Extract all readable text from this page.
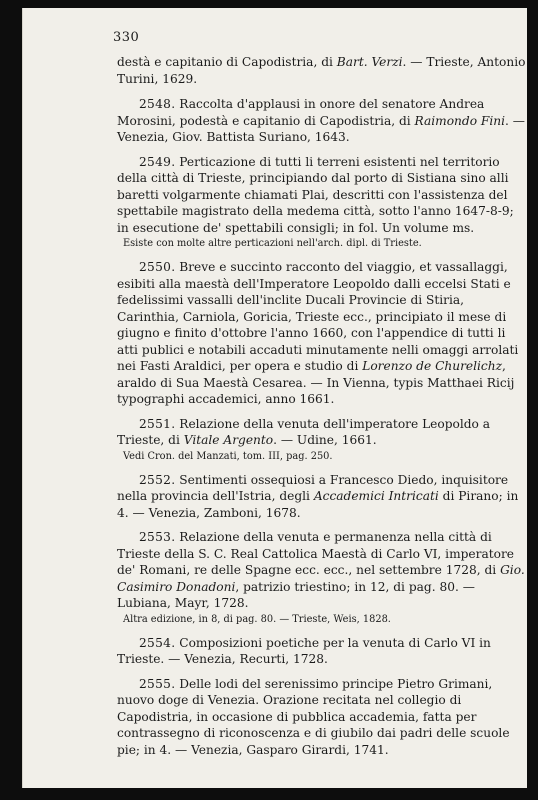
330

destà e capitanio di Capodistria, di Bart. Verzi. — Trieste, Antonio Turini, 1629.

2548. Raccolta d'applausi in onore del senatore Andrea Morosini, podestà e capitanio di Capodistria, di Raimondo Fini. — Venezia, Giov. Battista Suriano, 1643.

2549. Perticazione di tutti li terreni esistenti nel territorio della città di Trieste, principiando dal porto di Sistiana sino alli baretti volgarmente chiamati Plai, descritti con l'assistenza del spettabile magistrato della medema città, sotto l'anno 1647-8-9; in esecutione de' spettabili consigli; in fol. Un volume ms.

Esiste con molte altre perticazioni nell'arch. dipl. di Trieste.

2550. Breve e succinto racconto del viaggio, et vassallaggi, esibiti alla maestà dell'Imperatore Leopoldo dalli eccelsi Stati e fedelissimi vassalli dell'inclite Ducali Provincie di Stiria, Carinthia, Carniola, Goricia, Trieste ecc., principiato il mese di giugno e finito d'ottobre l'anno 1660, con l'appendice di tutti li atti publici e notabili accaduti minutamente nelli omaggi arrolati nei Fasti Araldici, per opera e studio di Lorenzo de Churelichz, araldo di Sua Maestà Cesarea. — In Vienna, typis Matthaei Ricij typographi accademici, anno 1661.

2551. Relazione della venuta dell'imperatore Leopoldo a Trieste, di Vitale Argento. — Udine, 1661.

Vedi Cron. del Manzati, tom. III, pag. 250.

2552. Sentimenti ossequiosi a Francesco Diedo, inquisitore nella provincia dell'Istria, degli Accademici Intricati di Pirano; in 4. — Venezia, Zamboni, 1678.

2553. Relazione della venuta e permanenza nella città di Trieste della S. C. Real Cattolica Maestà di Carlo VI, imperatore de' Romani, re delle Spagne ecc. ecc., nel settembre 1728, di Gio. Casimiro Donadoni, patrizio triestino; in 12, di pag. 80. — Lubiana, Mayr, 1728.

Altra edizione, in 8, di pag. 80. — Trieste, Weis, 1828.

2554. Composizioni poetiche per la venuta di Carlo VI in Trieste. — Venezia, Recurti, 1728.

2555. Delle lodi del serenissimo principe Pietro Grimani, nuovo doge di Venezia. Orazione recitata nel collegio di Capodistria, in occasione di pubblica accademia, fatta per contrassegno di riconoscenza e di giubilo dai padri delle scuole pie; in 4. — Venezia, Gasparo Girardi, 1741.
